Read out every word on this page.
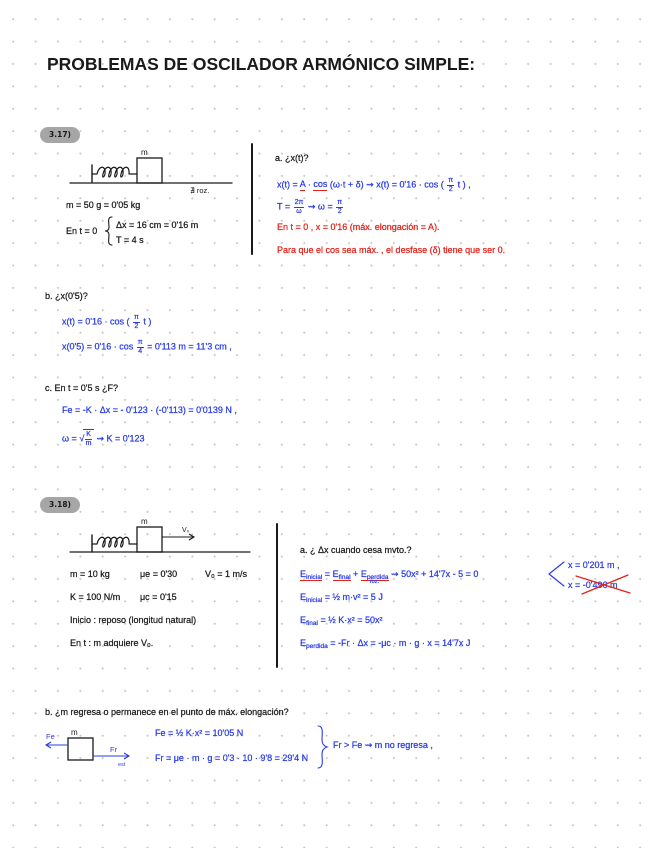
PROBLEMAS DE OSCILADOR ARMÓNICO SIMPLE:
3.17)
m
∄ roz.
m = 50 g = 0'05 kg
En t = 0
Δx = 16 cm = 0'16 m
T = 4 s
a. ¿x(t)?
x(t) = A · cos (ω·t + δ) ⇝ x(t) = 0'16 · cos ( $\frac{\pi}{2}$ t ) ,
$T = \frac{2\pi}{\omega}$ ⇝ $\omega = \frac{\pi}{2}$
En t = 0 , x = 0'16 (máx. elongación = A).
Para que el cos sea máx. , el desfase (δ) tiene que ser 0.
b. ¿x(0'5)?
x(t) = 0'16 · cos ( $\frac{\pi}{2}$ t )
$x(0'5) = 0'16 \cdot \cos \frac{\pi}{4} = 0'113$ m = 11'3 cm ,
c. En t = 0'5 s ¿F?
Fe = -K · Δx = - 0'123 · (-0'113) = 0'0139 N ,
ω = √ $\frac{K}{m}$ ⇝ K = 0'123
3.18)
m
V₀
m = 10 kg	μe = 0'30	V₀ = 1 m/s
K = 100 N/m μc = 0'15
Inicio : reposo (longitud natural)
En t : m adquiere V₀.
a. ¿ Δx cuando cesa mvto.?
Einicial = Efinal + Eperdida
roz.
⇝ 50x² + 14'7x - 5 = 0
x = 0'201 m ,
x = -0'496 m
Einicial = ½ m·v² = 5 J
Efinal = ½ K·x² = 50x²
Eperdida = -Fr · Δx = -μc · m · g · x = 14'7x J
b. ¿m regresa o permanece en el punto de máx. elongación?
m
Fe
Fr
est
Fe = ½ K·x² = 10'05 N
Fr = μe · m · g = 0'3 · 10 · 9'8 = 29'4 N
Fr > Fe ⇝ m no regresa ,
